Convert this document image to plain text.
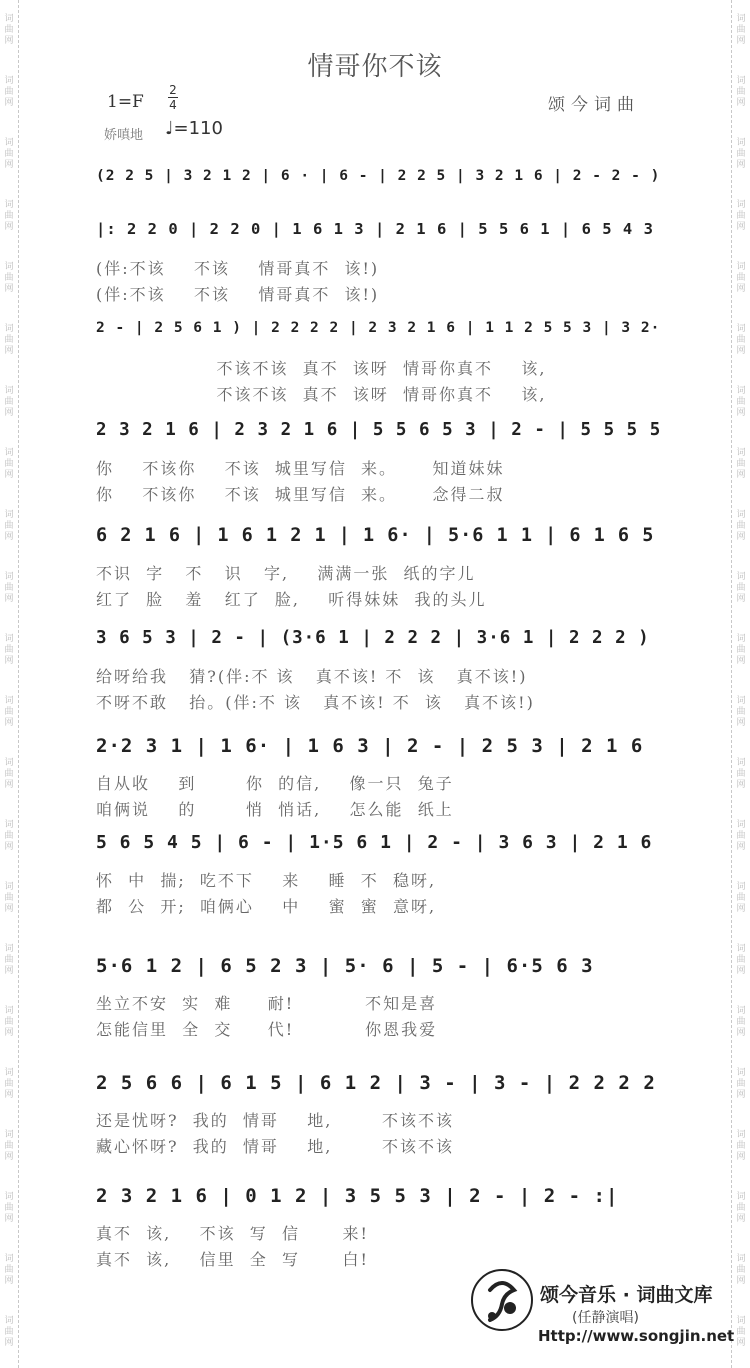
词
曲
网
词
曲
网
词
曲
网
词
曲
网
词
曲
网
词
曲
网
词
曲
网
词
曲
网
词
曲
网
词
曲
网
词
曲
网
词
曲
网
词
曲
网
词
曲
网
词
曲
网
词
曲
网
词
曲
网
词
曲
网
词
曲
网
词
曲
网
词
曲
网
词
曲
网
词
曲
网
词
曲
网
词
曲
网
词
曲
网
词
曲
网
词
曲
网
词
曲
网
词
曲
网
词
曲
网
词
曲
网
词
曲
网
词
曲
网
词
曲
网
词
曲
网
词
曲
网
词
曲
网
词
曲
网
词
曲
网
词
曲
网
词
曲
网
词
曲
网
词
曲
网
情哥你不该
1=F
2
4
娇嗔地 ♩=110
颂今词曲
(2 2 5 | 3 2 1 2 | 6 · | 6 - | 2 2 5 | 3 2 1 6 | 2 - 2 - )
|: 2 2 0 | 2 2 0 | 1 6 1 3 | 2 1 6 | 5 5 6 1 | 6 5 4 3
(伴:不该    不该    情哥真不  该!)
(伴:不该    不该    情哥真不  该!)
2 - | 2 5 6 1 ) | 2 2 2 2 | 2 3 2 1 6 | 1 1 2 5 5 3 | 3 2·
不该不该  真不  该呀  情哥你真不    该,
不该不该  真不  该呀  情哥你真不    该,
2 3 2 1 6 | 2 3 2 1 6 | 5 5 6 5 3 | 2 - | 5 5 5 5
你    不该你    不该  城里写信  来。     知道妹妹
你    不该你    不该  城里写信  来。     念得二叔
6 2 1 6 | 1 6 1 2 1 | 1 6· | 5·6 1 1 | 6 1 6 5
不识  字   不   识   字,    满满一张  纸的字儿
红了  脸   羞   红了  脸,    听得妹妹  我的头儿
3 6 5 3 | 2 - | (3·6 1 | 2 2 2 | 3·6 1 | 2 2 2 )
给呀给我   猜?(伴:不 该   真不该! 不  该   真不该!)
不呀不敢   抬。(伴:不 该   真不该! 不  该   真不该!)
2·2 3 1 | 1 6· | 1 6 3 | 2 - | 2 5 3 | 2 1 6
自从收    到       你  的信,    像一只  兔子
咱俩说    的       悄  悄话,    怎么能  纸上
5 6 5 4 5 | 6 - | 1·5 6 1 | 2 - | 3 6 3 | 2 1 6
怀  中  揣;  吃不下    来    睡  不  稳呀,
都  公  开;  咱俩心    中    蜜  蜜  意呀,
5·6 1 2 | 6 5 2 3 | 5· 6 | 5 - | 6·5 6 3
坐立不安  实  难     耐!          不知是喜
怎能信里  全  交     代!          你恩我爱
2 5 6 6 | 6 1 5 | 6 1 2 | 3 - | 3 - | 2 2 2 2
还是忧呀?  我的  情哥    地,       不该不该
藏心怀呀?  我的  情哥    地,       不该不该
2 3 2 1 6 | 0 1 2 | 3 5 5 3 | 2 - | 2 - :|
真不  该,    不该  写  信      来!
真不  该,    信里  全  写      白!
颂今音乐 · 词曲文库
(任静演唱)
Http://www.songjin.net
